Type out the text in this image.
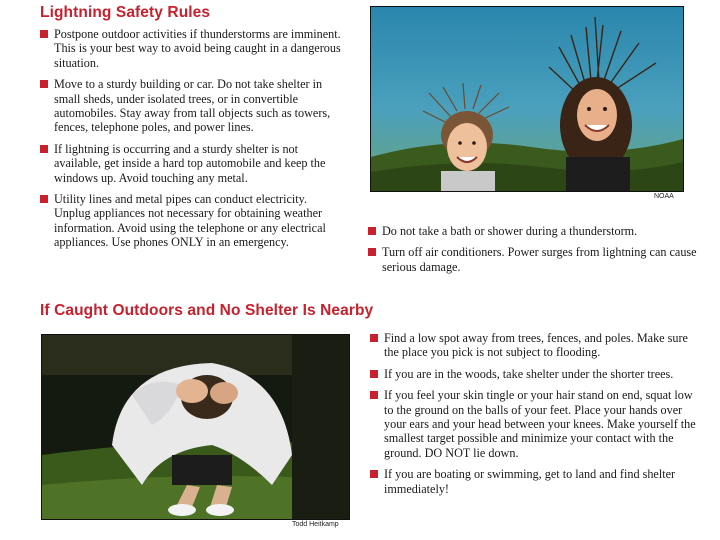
Lightning Safety Rules
Postpone outdoor activities if thunderstorms are imminent. This is your best way to avoid being caught in a dangerous situation.
Move to a sturdy building or car. Do not take shelter in small sheds, under isolated trees, or in convertible automobiles. Stay away from tall objects such as towers, fences, telephone poles, and power lines.
If lightning is occurring and a sturdy shelter is not available, get inside a hard top automobile and keep the windows up. Avoid touching any metal.
Utility lines and metal pipes can conduct electricity. Unplug appliances not necessary for obtaining weather information. Avoid using the telephone or any electrical appliances. Use phones ONLY in an emergency.
NOAA
Do not take a bath or shower during a thunderstorm.
Turn off air conditioners. Power surges from lightning can cause serious damage.
If Caught Outdoors and No Shelter Is Nearby
Todd Heitkamp
Find a low spot away from trees, fences, and poles. Make sure the place you pick is not subject to flooding.
If you are in the woods, take shelter under the shorter trees.
If you feel your skin tingle or your hair stand on end, squat low to the ground on the balls of your feet. Place your hands over your ears and your head between your knees. Make yourself the smallest target possible and minimize your contact with the ground. DO NOT lie down.
If you are boating or swimming, get to land and find shelter immediately!
